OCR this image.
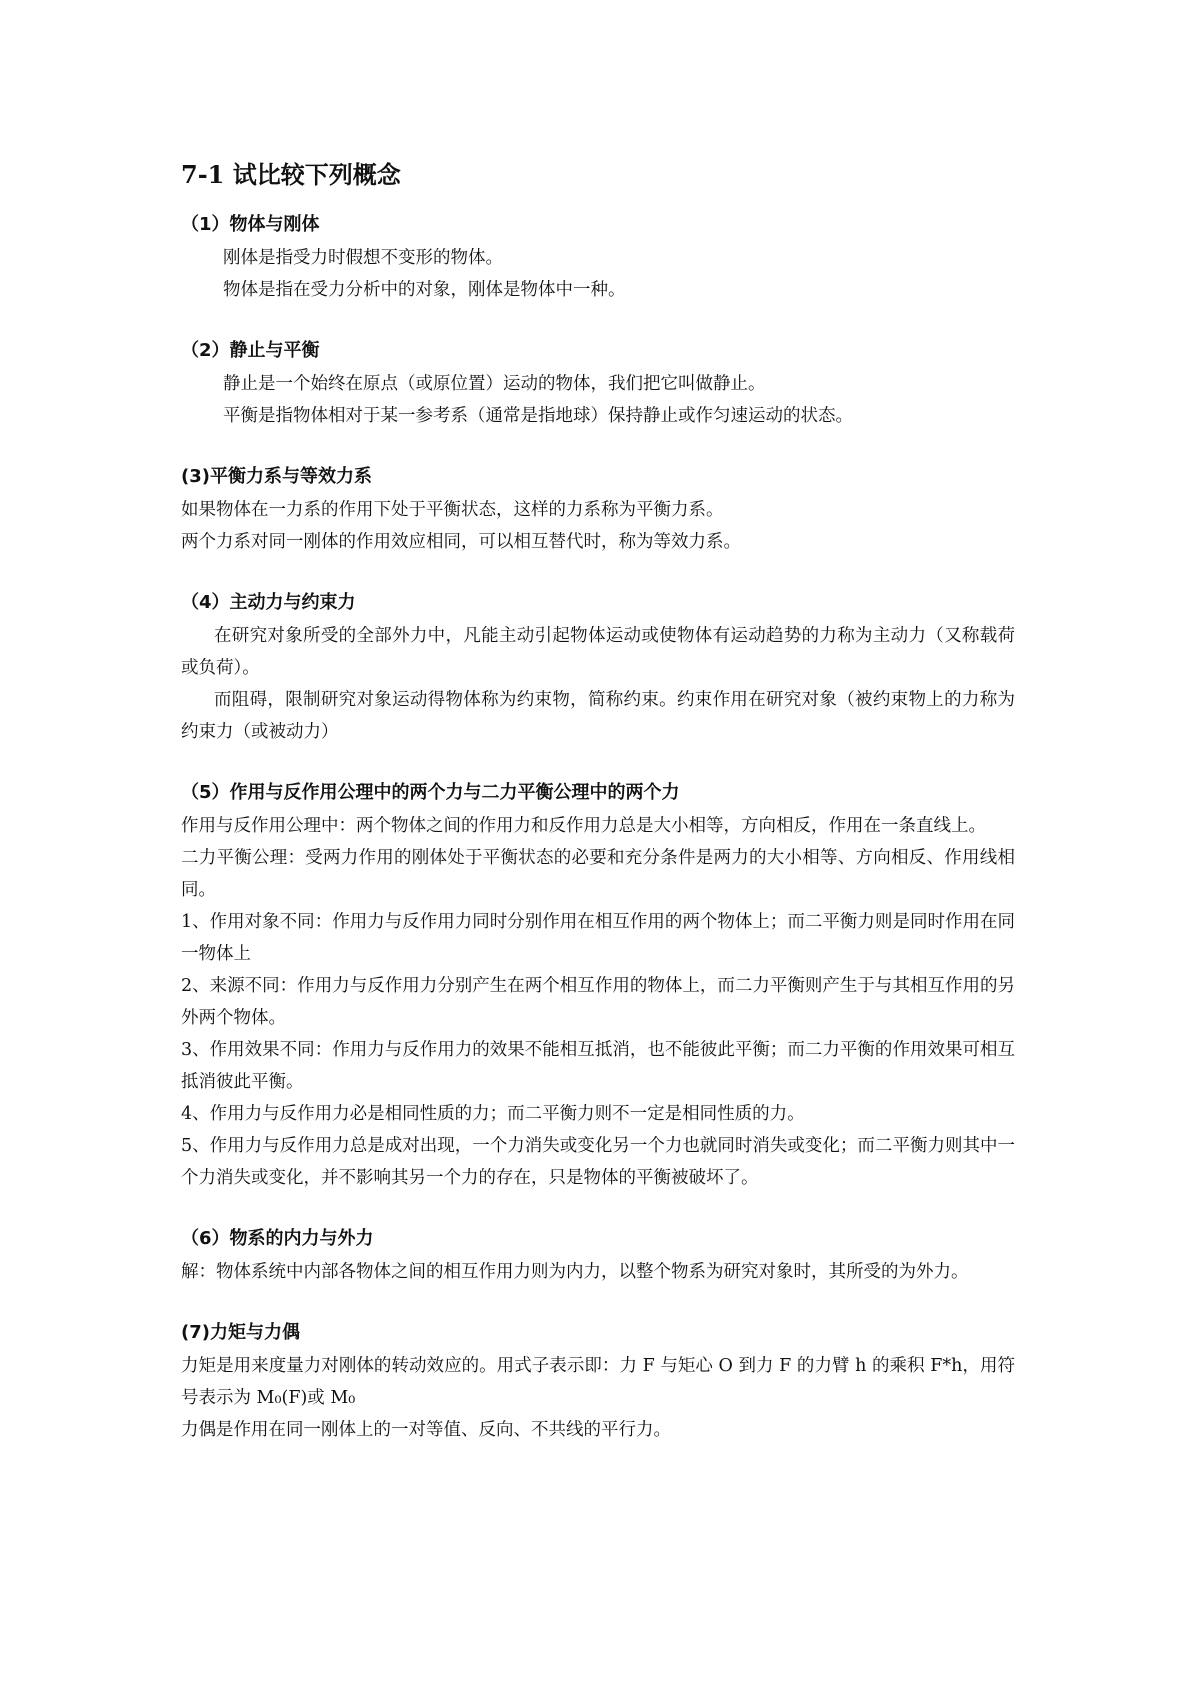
7-1 试比较下列概念
（1）物体与刚体

刚体是指受力时假想不变形的物体。

物体是指在受力分析中的对象，刚体是物体中一种。

（2）静止与平衡

静止是一个始终在原点（或原位置）运动的物体，我们把它叫做静止。

平衡是指物体相对于某一参考系（通常是指地球）保持静止或作匀速运动的状态。

(3)平衡力系与等效力系

如果物体在一力系的作用下处于平衡状态，这样的力系称为平衡力系。

两个力系对同一刚体的作用效应相同，可以相互替代时，称为等效力系。

（4）主动力与约束力

在研究对象所受的全部外力中，凡能主动引起物体运动或使物体有运动趋势的力称为主动力（又称载荷或负荷）。

而阻碍，限制研究对象运动得物体称为约束物，简称约束。约束作用在研究对象（被约束物上的力称为约束力（或被动力）

（5）作用与反作用公理中的两个力与二力平衡公理中的两个力

作用与反作用公理中：两个物体之间的作用力和反作用力总是大小相等，方向相反，作用在一条直线上。

二力平衡公理：受两力作用的刚体处于平衡状态的必要和充分条件是两力的大小相等、方向相反、作用线相同。

1、作用对象不同：作用力与反作用力同时分别作用在相互作用的两个物体上；而二平衡力则是同时作用在同一物体上

2、来源不同：作用力与反作用力分别产生在两个相互作用的物体上，而二力平衡则产生于与其相互作用的另外两个物体。

3、作用效果不同：作用力与反作用力的效果不能相互抵消，也不能彼此平衡；而二力平衡的作用效果可相互抵消彼此平衡。

4、作用力与反作用力必是相同性质的力；而二平衡力则不一定是相同性质的力。

5、作用力与反作用力总是成对出现，一个力消失或变化另一个力也就同时消失或变化；而二平衡力则其中一个力消失或变化，并不影响其另一个力的存在，只是物体的平衡被破坏了。

（6）物系的内力与外力

解：物体系统中内部各物体之间的相互作用力则为内力，以整个物系为研究对象时，其所受的为外力。

(7)力矩与力偶

力矩是用来度量力对刚体的转动效应的。用式子表示即：力 F 与矩心 O 到力 F 的力臂 h 的乘积 F*h，用符号表示为 M₀(F)或 M₀

力偶是作用在同一刚体上的一对等值、反向、不共线的平行力。
